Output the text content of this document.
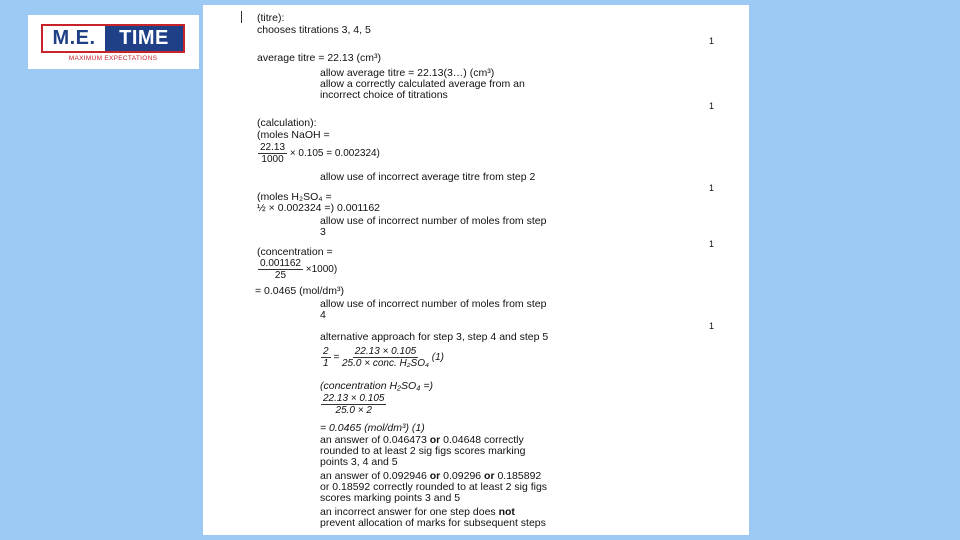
M.E.	TIME
MAXIMUM EXPECTATIONS
(titre):
chooses titrations 3, 4, 5
1
average titre = 22.13 (cm³)
allow average titre = 22.13(3…) (cm³)
allow a correctly calculated average from an
incorrect choice of titrations
1
(calculation):
(moles NaOH =
$\frac{22.13}{1000} \times 0.105 = 0.002324$)
allow use of incorrect average titre from step 2
1
(moles H₂SO₄ =
½ × 0.002324 =) 0.001162
allow use of incorrect number of moles from step
3
1
(concentration =
$\frac{0.001162}{25} \times 1000$)
= 0.0465 (mol/dm³)
allow use of incorrect number of moles from step
4
1
alternative approach for step 3, step 4 and step 5
$\frac{2}{1} = \frac{22.13 \times 0.105}{\text{25.0 × conc. H₂SO₄}} (1)$
(concentration H₂SO₄ =)
$\frac{22.13 \times 0.105}{25.0 \times 2}$
= 0.0465 (mol/dm³) (1)
an answer of 0.046473 or 0.04648 correctly
rounded to at least 2 sig figs scores marking
points 3, 4 and 5
an answer of 0.092946 or 0.09296 or 0.185892
or 0.18592 correctly rounded to at least 2 sig figs
scores marking points 3 and 5
an incorrect answer for one step does not
prevent allocation of marks for subsequent steps
